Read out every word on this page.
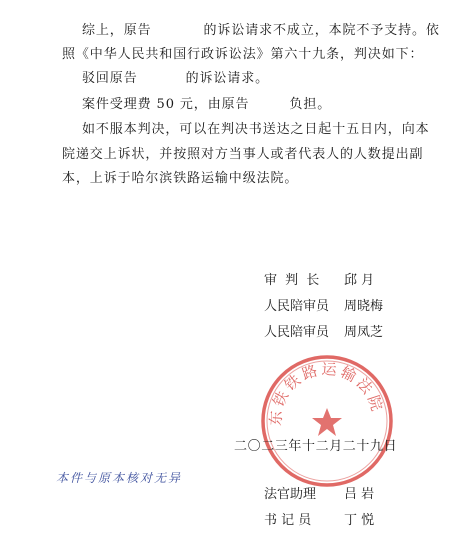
综上，原告	的诉讼请求不成立，本院不予支持。依
照《中华人民共和国行政诉讼法》第六十九条，判决如下：
驳回原告	的诉讼请求。
案件受理费 50 元，由原告	负担。
如不服本判决，可以在判决书送达之日起十五日内，向本
院递交上诉状，并按照对方当事人或者代表人的人数提出副
本，上诉于哈尔滨铁路运输中级法院。
审 判 长 邱 月
人民陪审员 周晓梅
人民陪审员 周凤芝
东铁铁路运输法院
二〇二三年十二月二十九日
本件与原本核对无异
法官助理 吕 岩
书 记 员	丁 悦
